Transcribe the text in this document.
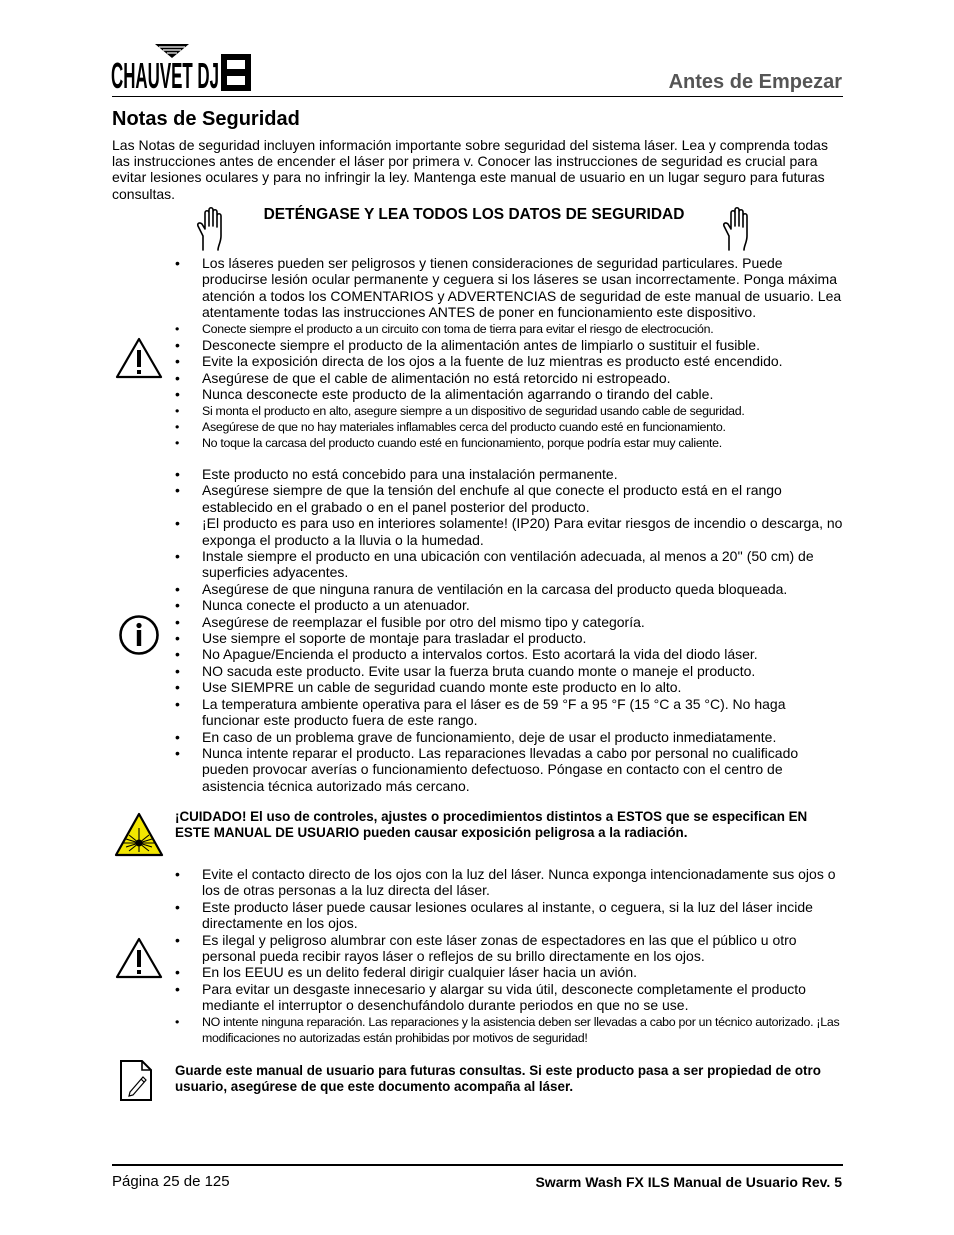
CHAUVET DJ	Antes de Empezar
Notas de Seguridad
Las Notas de seguridad incluyen información importante sobre seguridad del sistema láser. Lea y comprenda todas las instrucciones antes de encender el láser por primera v. Conocer las instrucciones de seguridad es crucial para evitar lesiones oculares y para no infringir la ley. Mantenga este manual de usuario en un lugar seguro para futuras consultas.
DETÉNGASE Y LEA TODOS LOS DATOS DE SEGURIDAD
• Los láseres pueden ser peligrosos y tienen consideraciones de seguridad particulares. Puede producirse lesión ocular permanente y ceguera si los láseres se usan incorrectamente. Ponga máxima atención a todos los COMENTARIOS y ADVERTENCIAS de seguridad de este manual de usuario. Lea atentamente todas las instrucciones ANTES de poner en funcionamiento este dispositivo.
• Conecte siempre el producto a un circuito con toma de tierra para evitar el riesgo de electrocución.
• Desconecte siempre el producto de la alimentación antes de limpiarlo o sustituir el fusible.
• Evite la exposición directa de los ojos a la fuente de luz mientras es producto esté encendido.
• Asegúrese de que el cable de alimentación no está retorcido ni estropeado.
• Nunca desconecte este producto de la alimentación agarrando o tirando del cable.
• Si monta el producto en alto, asegure siempre a un dispositivo de seguridad usando cable de seguridad.
• Asegúrese de que no hay materiales inflamables cerca del producto cuando esté en funcionamiento.
• No toque la carcasa del producto cuando esté en funcionamiento, porque podría estar muy caliente.
• Este producto no está concebido para una instalación permanente.
• Asegúrese siempre de que la tensión del enchufe al que conecte el producto está en el rango establecido en el grabado o en el panel posterior del producto.
• ¡El producto es para uso en interiores solamente! (IP20) Para evitar riesgos de incendio o descarga, no exponga el producto a la lluvia o la humedad.
• Instale siempre el producto en una ubicación con ventilación adecuada, al menos a 20'' (50 cm) de superficies adyacentes.
• Asegúrese de que ninguna ranura de ventilación en la carcasa del producto queda bloqueada.
• Nunca conecte el producto a un atenuador.
• Asegúrese de reemplazar el fusible por otro del mismo tipo y categoría.
• Use siempre el soporte de montaje para trasladar el producto.
• No Apague/Encienda el producto a intervalos cortos. Esto acortará la vida del diodo láser.
• NO sacuda este producto. Evite usar la fuerza bruta cuando monte o maneje el producto.
• Use SIEMPRE un cable de seguridad cuando monte este producto en lo alto.
• La temperatura ambiente operativa para el láser es de 59 °F a 95 °F (15 °C a 35 °C). No haga funcionar este producto fuera de este rango.
• En caso de un problema grave de funcionamiento, deje de usar el producto inmediatamente.
• Nunca intente reparar el producto. Las reparaciones llevadas a cabo por personal no cualificado pueden provocar averías o funcionamiento defectuoso. Póngase en contacto con el centro de asistencia técnica autorizado más cercano.
¡CUIDADO! El uso de controles, ajustes o procedimientos distintos a ESTOS que se especifican EN ESTE MANUAL DE USUARIO pueden causar exposición peligrosa a la radiación.
• Evite el contacto directo de los ojos con la luz del láser. Nunca exponga intencionadamente sus ojos o los de otras personas a la luz directa del láser.
• Este producto láser puede causar lesiones oculares al instante, o ceguera, si la luz del láser incide directamente en los ojos.
• Es ilegal y peligroso alumbrar con este láser zonas de espectadores en las que el público u otro personal pueda recibir rayos láser o reflejos de su brillo directamente en los ojos.
• En los EEUU es un delito federal dirigir cualquier láser hacia un avión.
• Para evitar un desgaste innecesario y alargar su vida útil, desconecte completamente el producto mediante el interruptor o desenchufándolo durante periodos en que no se use.
• NO intente ninguna reparación. Las reparaciones y la asistencia deben ser llevadas a cabo por un técnico autorizado. ¡Las modificaciones no autorizadas están prohibidas por motivos de seguridad!
Guarde este manual de usuario para futuras consultas. Si este producto pasa a ser propiedad de otro usuario, asegúrese de que este documento acompaña al láser.
Página 25 de 125	Swarm Wash FX ILS Manual de Usuario Rev. 5
